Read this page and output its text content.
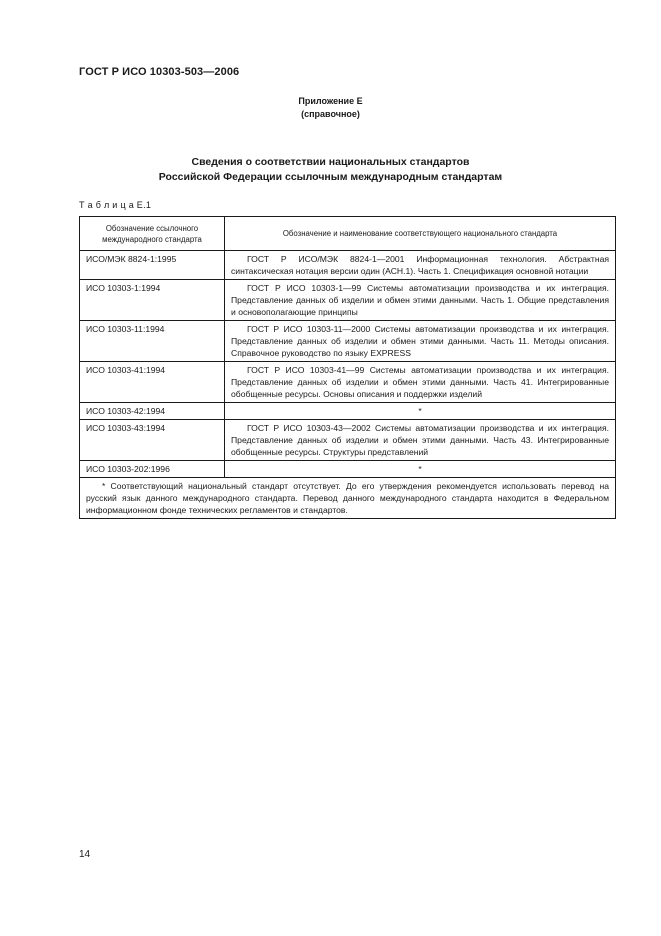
ГОСТ Р ИСО 10303-503—2006
Приложение Е
(справочное)
Сведения о соответствии национальных стандартов
Российской Федерации ссылочным международным стандартам
Т а б л и ц а Е.1
Обозначение ссылочного международного стандарта	Обозначение и наименование соответствующего национального стандарта
ИСО/МЭК 8824-1:1995	ГОСТ Р ИСО/МЭК 8824-1—2001 Информационная технология. Абстрактная синтаксическая нотация версии один (АСН.1). Часть 1. Спецификация основной нотации
ИСО 10303-1:1994	ГОСТ Р ИСО 10303-1—99 Системы автоматизации производства и их интеграция. Представление данных об изделии и обмен этими данными. Часть 1. Общие представления и основополагающие принципы
ИСО 10303-11:1994	ГОСТ Р ИСО 10303-11—2000 Системы автоматизации производства и их интеграция. Представление данных об изделии и обмен этими данными. Часть 11. Методы описания. Справочное руководство по языку EXPRESS
ИСО 10303-41:1994	ГОСТ Р ИСО 10303-41—99 Системы автоматизации производства и их интеграция. Представление данных об изделии и обмен этими данными. Часть 41. Интегрированные обобщенные ресурсы. Основы описания и поддержки изделий
ИСО 10303-42:1994	*
ИСО 10303-43:1994	ГОСТ Р ИСО 10303-43—2002 Системы автоматизации производства и их интеграция. Представление данных об изделии и обмен этими данными. Часть 43. Интегрированные обобщенные ресурсы. Структуры представлений
ИСО 10303-202:1996	*
* Соответствующий национальный стандарт отсутствует. До его утверждения рекомендуется использовать перевод на русский язык данного международного стандарта. Перевод данного международного стандарта находится в Федеральном информационном фонде технических регламентов и стандартов.	
14
